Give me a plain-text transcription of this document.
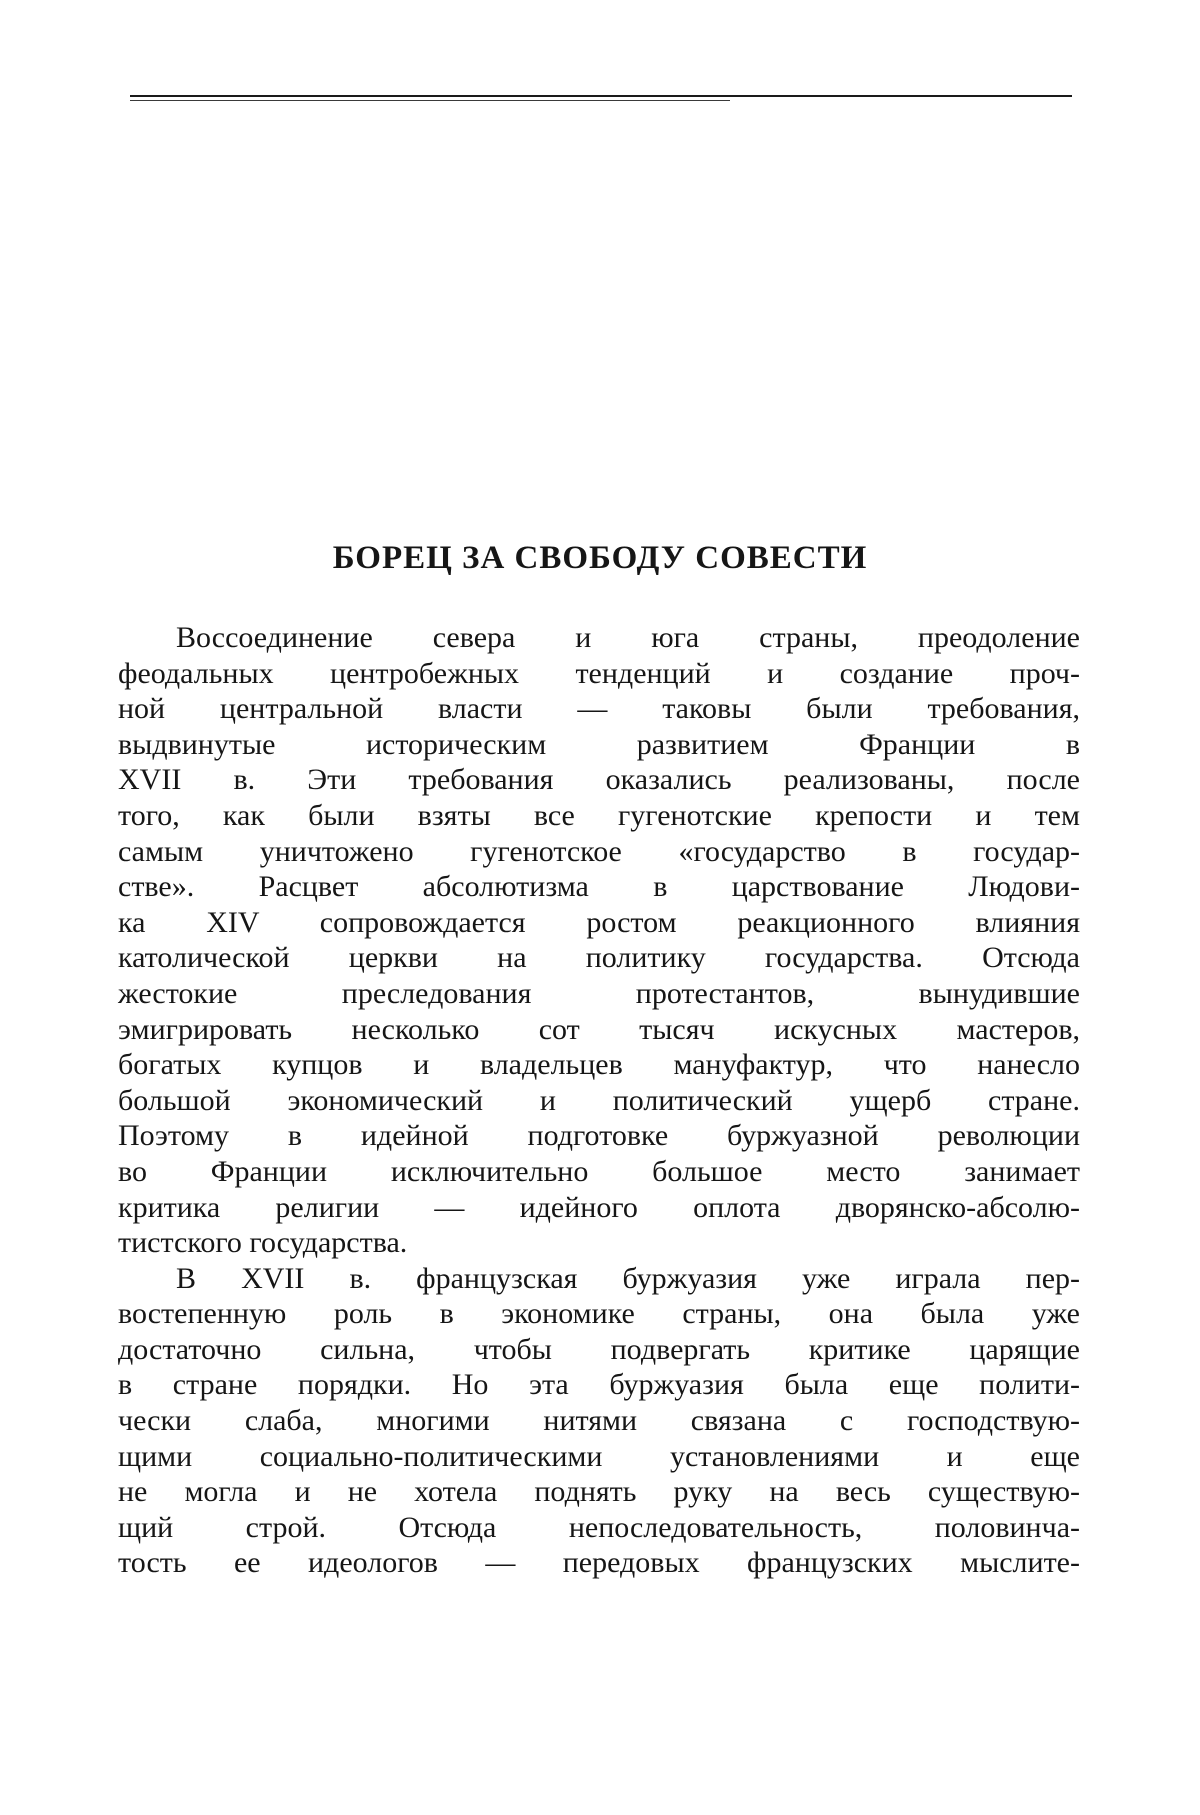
БОРЕЦ ЗА СВОБОДУ СОВЕСТИ
Воссоединение севера и юга страны, преодоление
феодальных центробежных тенденций и создание проч-
ной центральной власти — таковы были требования,
выдвинутые историческим развитием Франции в
XVII в. Эти требования оказались реализованы, после
того, как были взяты все гугенотские крепости и тем
самым уничтожено гугенотское «государство в государ-
стве». Расцвет абсолютизма в царствование Людови-
ка XIV сопровождается ростом реакционного влияния
католической церкви на политику государства. Отсюда
жестокие преследования протестантов, вынудившие
эмигрировать несколько сот тысяч искусных мастеров,
богатых купцов и владельцев мануфактур, что нанесло
большой экономический и политический ущерб стране.
Поэтому в идейной подготовке буржуазной революции
во Франции исключительно большое место занимает
критика религии — идейного оплота дворянско-абсолю-
тистского государства.
В XVII в. французская буржуазия уже играла пер-
востепенную роль в экономике страны, она была уже
достаточно сильна, чтобы подвергать критике царящие
в стране порядки. Но эта буржуазия была еще полити-
чески слаба, многими нитями связана с господствую-
щими социально-политическими установлениями и еще
не могла и не хотела поднять руку на весь существую-
щий строй. Отсюда непоследовательность, половинча-
тость ее идеологов — передовых французских мыслите-
